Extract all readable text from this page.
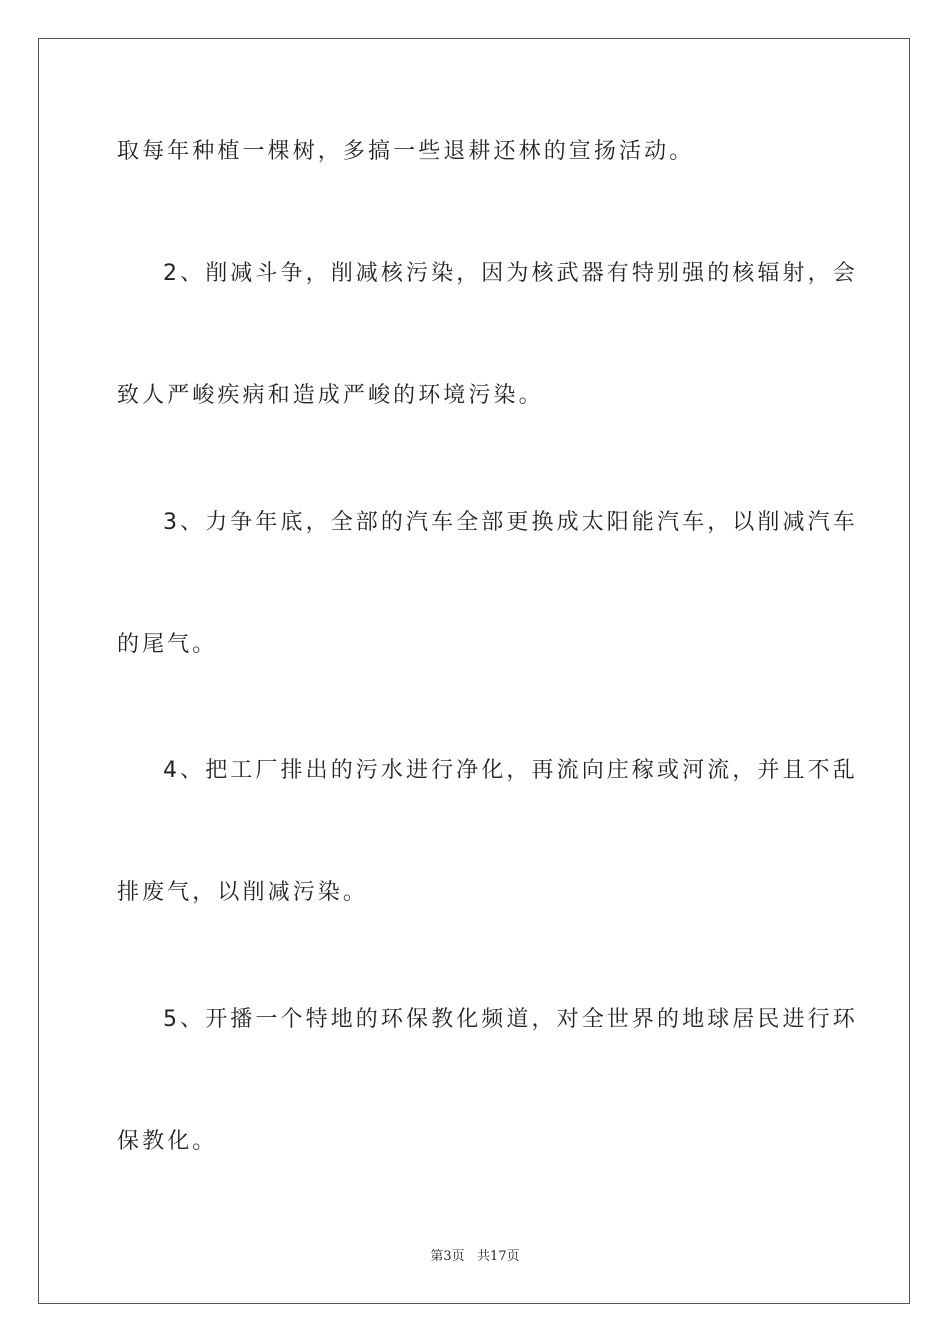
取每年种植一棵树，多搞一些退耕还林的宣扬活动。
2、削减斗争，削减核污染，因为核武器有特别强的核辐射，会
致人严峻疾病和造成严峻的环境污染。
3、力争年底，全部的汽车全部更换成太阳能汽车，以削减汽车
的尾气。
4、把工厂排出的污水进行净化，再流向庄稼或河流，并且不乱
排废气，以削减污染。
5、开播一个特地的环保教化频道，对全世界的地球居民进行环
保教化。
第3页   共17页
